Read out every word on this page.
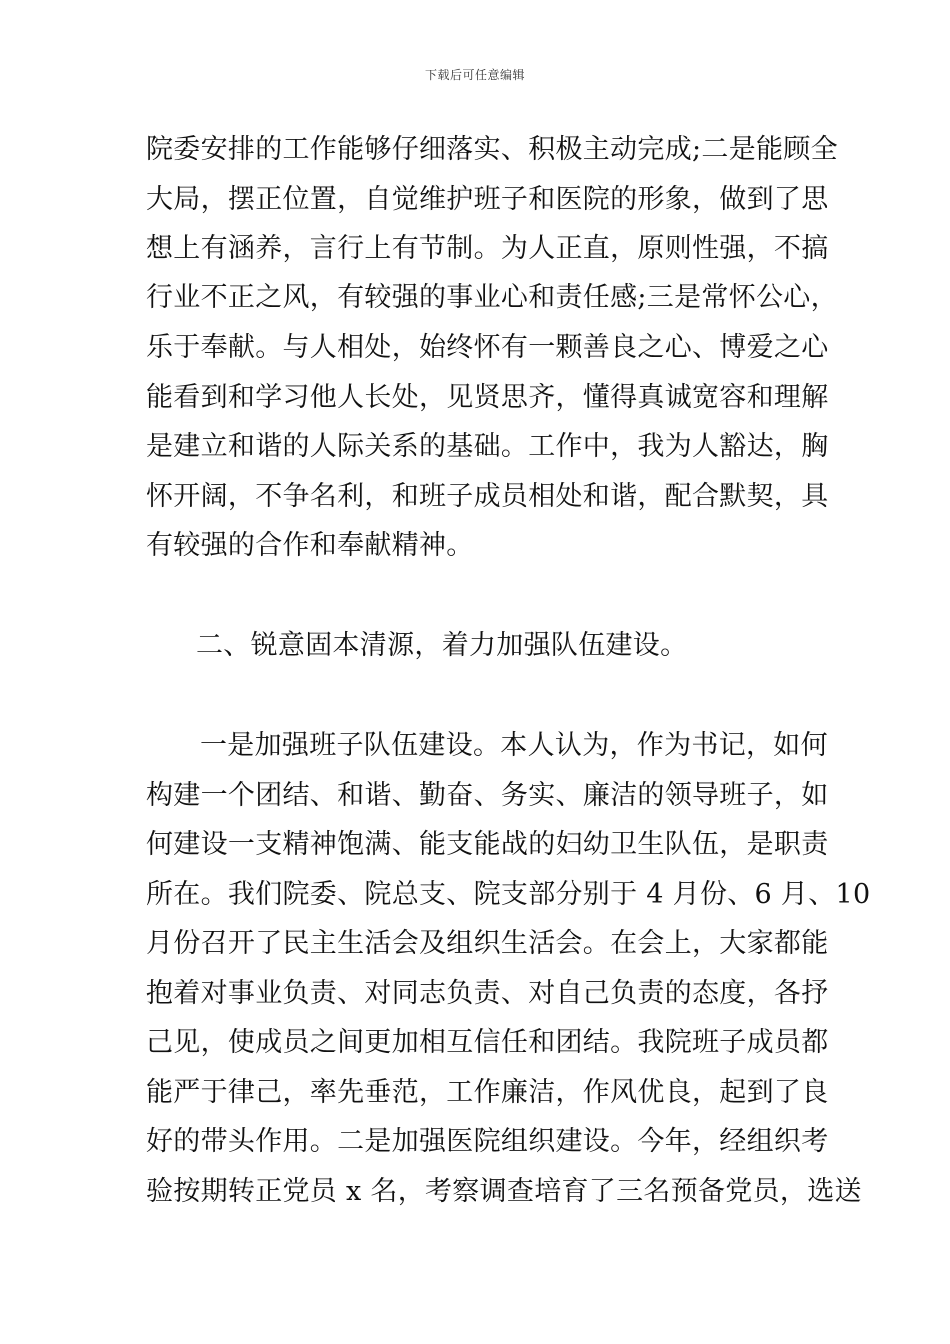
下载后可任意编辑
院委安排的工作能够仔细落实、积极主动完成;二是能顾全
大局，摆正位置，自觉维护班子和医院的形象，做到了思
想上有涵养，言行上有节制。为人正直，原则性强，不搞
行业不正之风，有较强的事业心和责任感;三是常怀公心，
乐于奉献。与人相处，始终怀有一颗善良之心、博爱之心
能看到和学习他人长处，见贤思齐，懂得真诚宽容和理解
是建立和谐的人际关系的基础。工作中，我为人豁达，胸
怀开阔，不争名利，和班子成员相处和谐，配合默契，具
有较强的合作和奉献精神。
二、锐意固本清源，着力加强队伍建设。
一是加强班子队伍建设。本人认为，作为书记，如何
构建一个团结、和谐、勤奋、务实、廉洁的领导班子，如
何建设一支精神饱满、能支能战的妇幼卫生队伍，是职责
所在。我们院委、院总支、院支部分别于 4 月份、6 月、10
月份召开了民主生活会及组织生活会。在会上，大家都能
抱着对事业负责、对同志负责、对自己负责的态度，各抒
己见，使成员之间更加相互信任和团结。我院班子成员都
能严于律己，率先垂范，工作廉洁，作风优良，起到了良
好的带头作用。二是加强医院组织建设。今年，经组织考
验按期转正党员 x 名，考察调查培育了三名预备党员，选送
